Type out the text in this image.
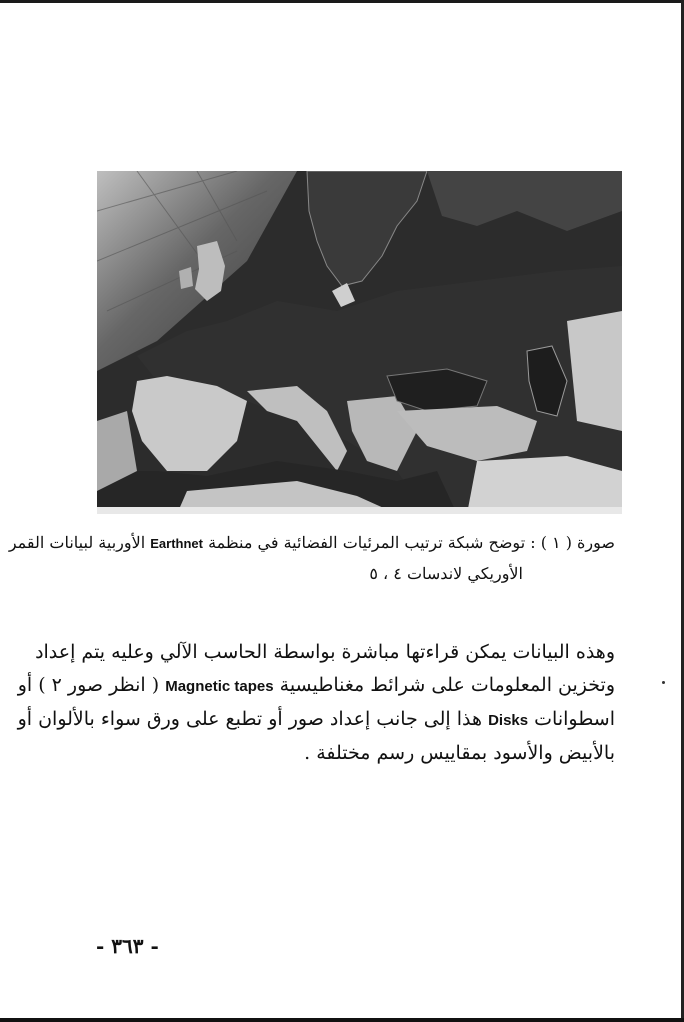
صورة ( ١ ) : توضح شبكة ترتيب المرئيات الفضائية في منظمة Earthnet الأوربية لبيانات القمر
الأوريكي لاندسات ٤ ، ٥
وهذه البيانات يمكن قراءتها مباشرة بواسطة الحاسب الآلي وعليه يتم إعداد
وتخزين المعلومات على شرائط مغناطيسية Magnetic tapes ( انظر صور ٢ ) أو
اسطوانات Disks هذا إلى جانب إعداد صور أو تطبع على ورق سواء بالألوان أو
بالأبيض والأسود بمقاييس رسم مختلفة .
- ٣٦٣ -
